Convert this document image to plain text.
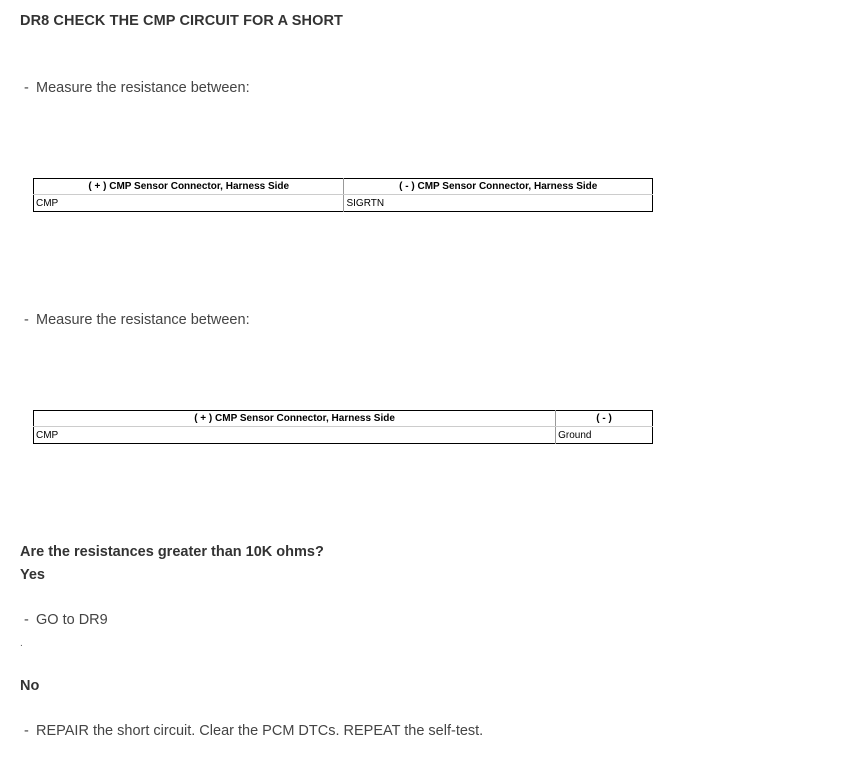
DR8 CHECK THE CMP CIRCUIT FOR A SHORT
- Measure the resistance between:
( + ) CMP Sensor Connector, Harness Side	( - ) CMP Sensor Connector, Harness Side
CMP	SIGRTN
- Measure the resistance between:
( + ) CMP Sensor Connector, Harness Side	( - )
CMP	Ground
Are the resistances greater than 10K ohms?
Yes
- GO to DR9
.
No
- REPAIR the short circuit. Clear the PCM DTCs. REPEAT the self-test.
